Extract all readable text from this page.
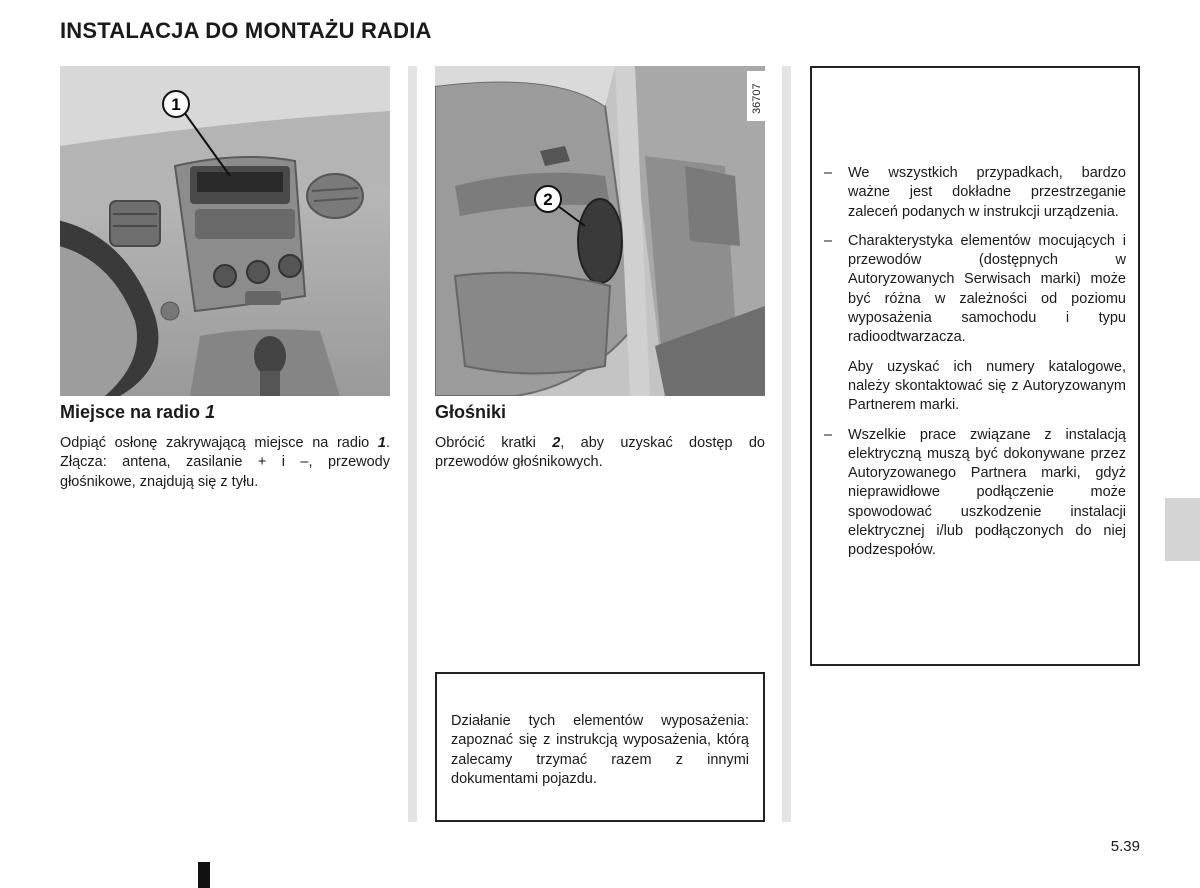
INSTALACJA DO MONTAŻU RADIA
1
Miejsce na radio 1
Odpiąć osłonę zakrywającą miejsce na radio 1. Złącza: antena, zasilanie + i –, przewody głośnikowe, znajdują się z tyłu.
2
36707
Głośniki
Obrócić kratki 2, aby uzyskać dostęp do przewodów głośnikowych.
Działanie tych elementów wyposażenia: zapoznać się z instrukcją wyposażenia, którą zalecamy trzymać razem z innymi dokumentami pojazdu.
– We wszystkich przypadkach, bardzo ważne jest dokładne przestrzeganie zaleceń podanych w instrukcji urządzenia.
– Charakterystyka elementów mocujących i przewodów (dostępnych w Autoryzowanych Serwisach marki) może być różna w zależności od poziomu wyposażenia samochodu i typu radioodtwarzacza.
Aby uzyskać ich numery katalogowe, należy skontaktować się z Autoryzowanym Partnerem marki.
– Wszelkie prace związane z instalacją elektryczną muszą być dokonywane przez Autoryzowanego Partnera marki, gdyż nieprawidłowe podłączenie może spowodować uszkodzenie instalacji elektrycznej i/lub podłączonych do niej podzespołów.
5.39
